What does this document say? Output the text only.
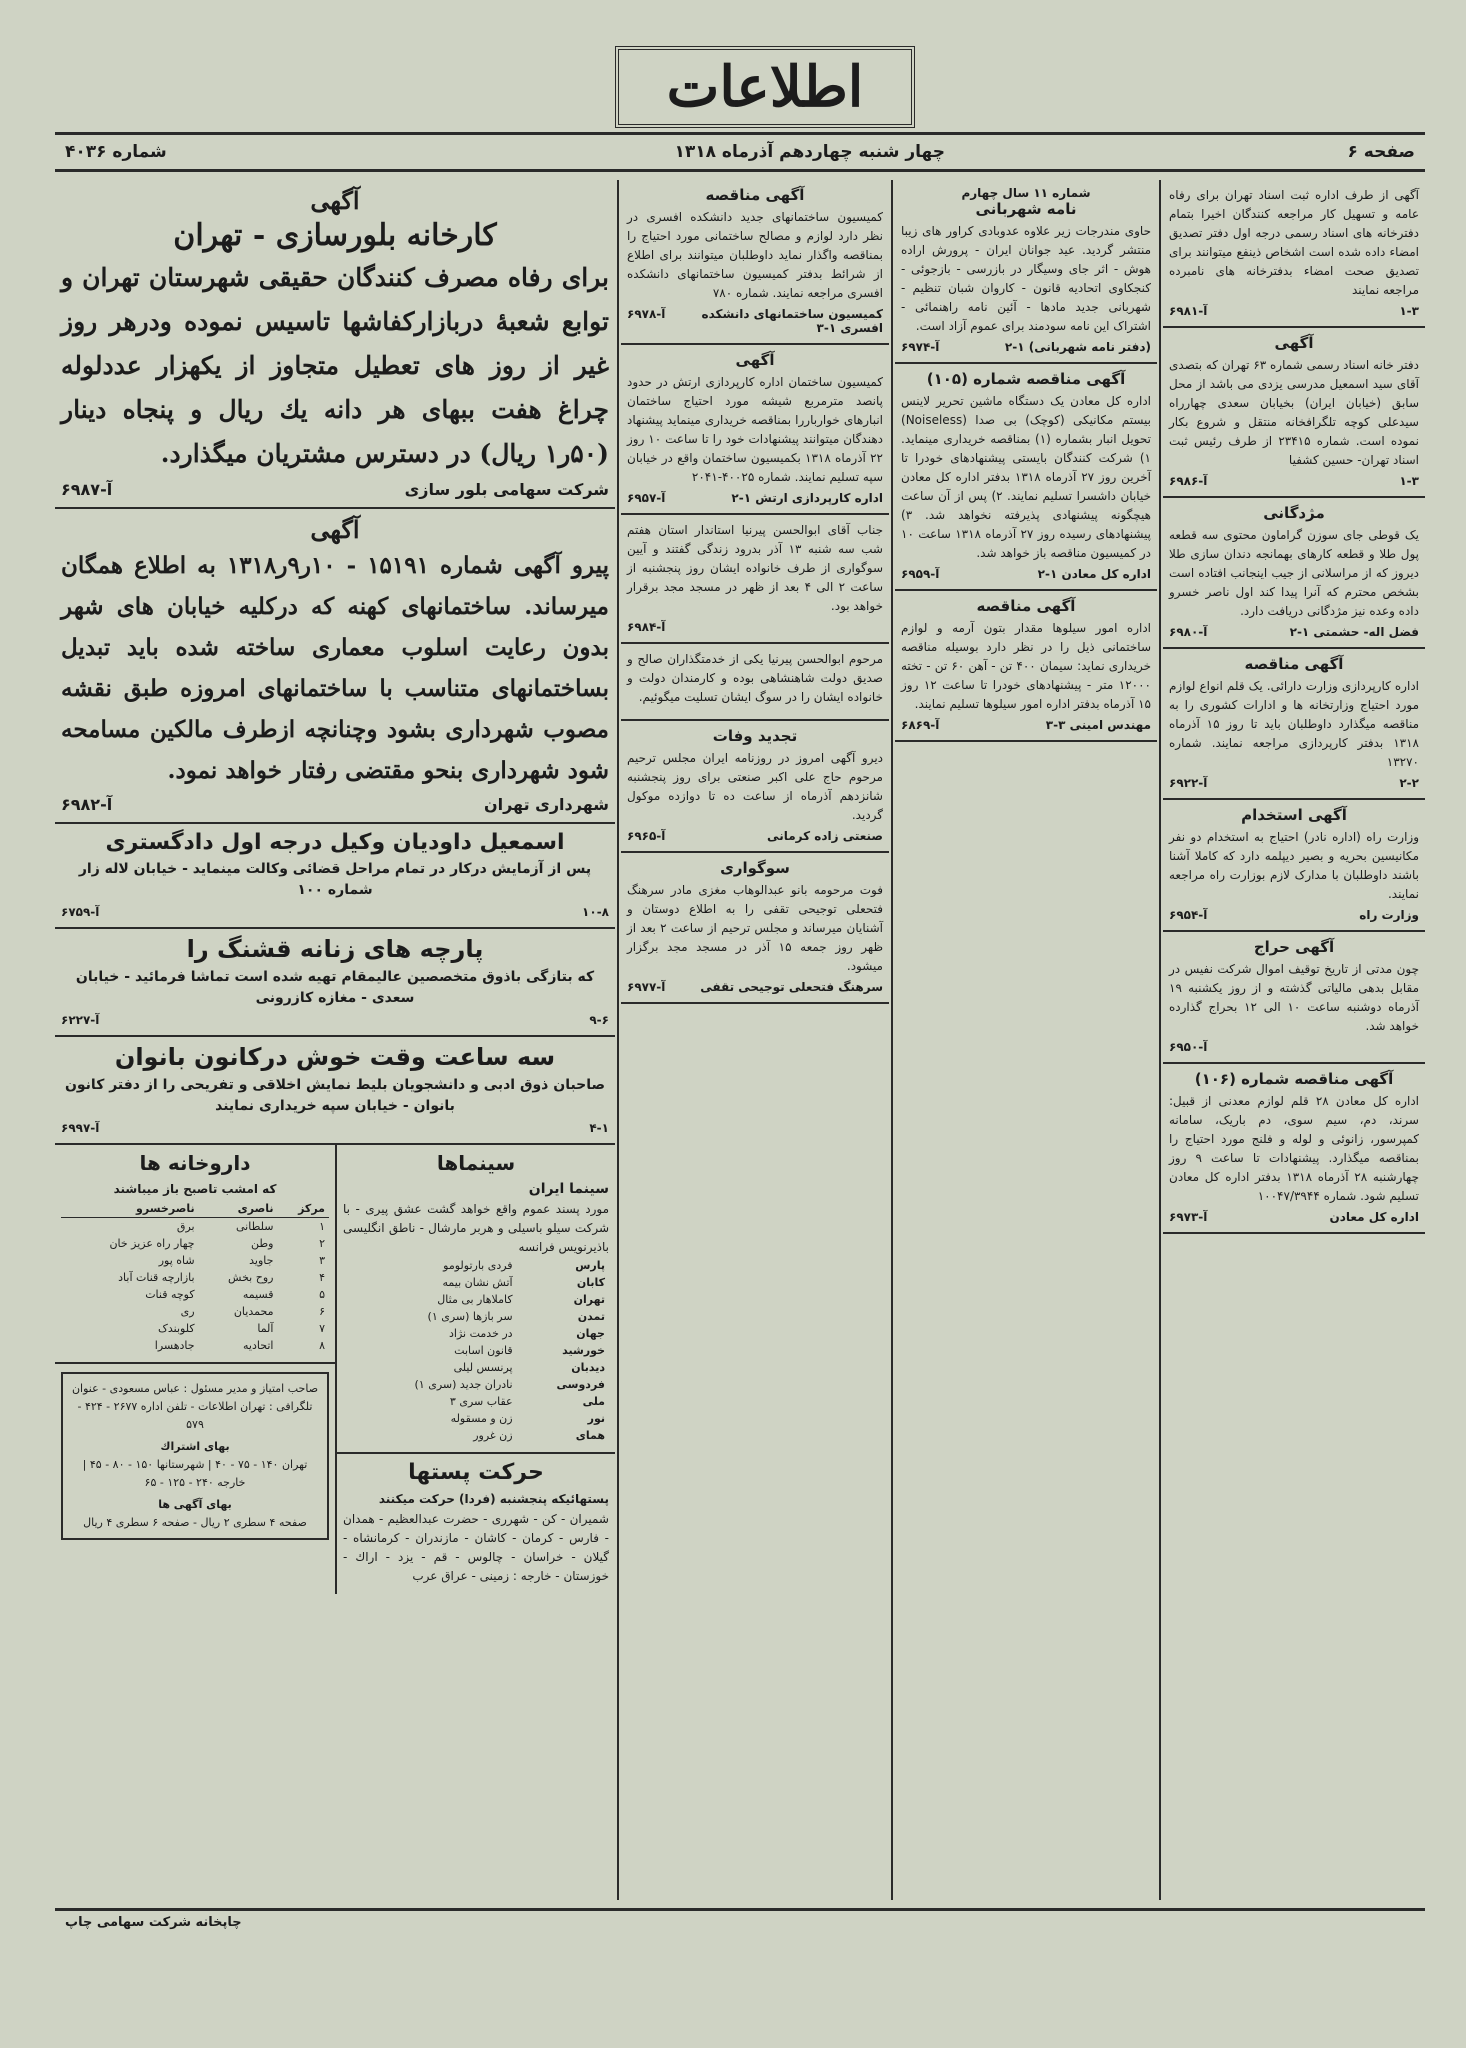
اطلاعات
صفحه ۶
چهار شنبه چهاردهم آذرماه ۱۳۱۸
شماره ۴۰۳۶

آگهی از طرف اداره ثبت اسناد تهران برای رفاه عامه و تسهیل کار مراجعه کنندگان اخیرا بتمام دفترخانه های اسناد رسمی درجه اول دفتر تصدیق امضاء داده شده است اشخاص ذینفع میتوانند برای تصدیق صحت امضاء بدفترخانه های نامبرده مراجعه نمایند

۱-۳
آ-۶۹۸۱
آگهی

دفتر خانه اسناد رسمی شماره ۶۳ تهران که بتصدی آقای سید اسمعیل مدرسی یزدی می باشد از محل سابق (خیابان ایران) بخیابان سعدی چهارراه سیدعلی کوچه تلگرافخانه منتقل و شروع بکار نموده است. شماره ۲۳۴۱۵ از طرف رئیس ثبت اسناد تهران- حسین کشفیا

۱-۳
آ-۶۹۸۶
مژدگانی

یک قوطی جای سوزن گراماون محتوی سه قطعه پول طلا و قطعه کارهای بهمانجه دندان سازی طلا دیروز که از مراسلانی از جیب اینجانب افتاده است بشخص محترم که آنرا پیدا کند اول ناصر خسرو داده وعده نیز مژدگانی دریافت دارد.

فضل اله- حشمتی ۱-۲
آ-۶۹۸۰
آگهی مناقصه

اداره کارپردازی وزارت دارائی. یک قلم انواع لوازم مورد احتیاج وزارتخانه ها و ادارات کشوری را به مناقصه میگذارد داوطلبان باید تا روز ۱۵ آذرماه ۱۳۱۸ بدفتر کارپردازی مراجعه نمایند. شماره ۱۳۲۷۰

۲-۲
آ-۶۹۲۲
آگهی استخدام

وزارت راه (اداره نادر) احتیاج به استخدام دو نفر مکانیسین بحریه و بصیر دیپلمه دارد که کاملا آشنا باشند داوطلبان با مدارک لازم بوزارت راه مراجعه نمایند.

وزارت راه
آ-۶۹۵۴
آگهی حراج

چون مدتی از تاریخ توقیف اموال شرکت نفیس در مقابل بدهی مالیاتی گذشته و از روز یکشنبه ۱۹ آذرماه دوشنبه ساعت ۱۰ الی ۱۲ بحراج گذارده خواهد شد.

آ-۶۹۵۰
آگهی مناقصه شماره (۱۰۶)

اداره کل معادن ۲۸ قلم لوازم معدنی از قبیل: سرند، دم، سیم سوی، دم باریک، سامانه کمپرسور، زانوئی و لوله و فلنج مورد احتیاج را بمناقصه میگذارد. پیشنهادات تا ساعت ۹ روز چهارشنبه ۲۸ آذرماه ۱۳۱۸ بدفتر اداره کل معادن تسلیم شود. شماره ۱۰۰۴۷/۳۹۴۴

اداره کل معادن
آ-۶۹۷۳
شماره ۱۱ سال چهارم
نامه شهربانی

حاوی مندرجات زیر علاوه عدوبادی کراور های زیبا منتشر گردید. عید جوانان ایران - پرورش اراده هوش - اثر جای وسیگار در بازرسی - بازجوئی - کنجکاوی اتحادیه قانون - کاروان شبان تنظیم - شهربانی جدید مادها - آئین نامه راهنمائی - اشتراک این نامه سودمند برای عموم آزاد است.

(دفتر نامه شهربانی) ۱-۲
آ-۶۹۷۴
آگهی مناقصه شماره (۱۰۵)

اداره کل معادن یک دستگاه ماشین تحریر لاینس بیستم مکانیکی (کوچک) بی صدا (Noiseless) تحویل انبار بشماره (۱) بمناقصه خریداری مینماید. ۱) شرکت کنندگان بایستی پیشنهادهای خودرا تا آخرین روز ۲۷ آذرماه ۱۳۱۸ بدفتر اداره کل معادن خیابان داشسرا تسلیم نمایند. ۲) پس از آن ساعت هیچگونه پیشنهادی پذیرفته نخواهد شد. ۳) پیشنهادهای رسیده روز ۲۷ آذرماه ۱۳۱۸ ساعت ۱۰ در کمیسیون مناقصه باز خواهد شد.

اداره کل معادن ۱-۲
آ-۶۹۵۹
آگهی مناقصه

اداره امور سیلوها مقدار بتون آرمه و لوازم ساختمانی ذیل را در نظر دارد بوسیله مناقصه خریداری نماید: سیمان ۴۰۰ تن - آهن ۶۰ تن - تخته ۱۲۰۰۰ متر - پیشنهادهای خودرا تا ساعت ۱۲ روز ۱۵ آذرماه بدفتر اداره امور سیلوها تسلیم نمایند.

مهندس امینی ۳-۳
آ-۶۸۶۹
آگهی مناقصه

کمیسیون ساختمانهای جدید دانشکده افسری در نظر دارد لوازم و مصالح ساختمانی مورد احتیاج را بمناقصه واگذار نماید داوطلبان میتوانند برای اطلاع از شرائط بدفتر کمیسیون ساختمانهای دانشکده افسری مراجعه نمایند. شماره ۷۸۰

کمیسیون ساختمانهای دانشکده افسری ۱-۳
آ-۶۹۷۸
آگهی

کمیسیون ساختمان اداره کارپردازی ارتش در حدود پانصد مترمربع شیشه مورد احتیاج ساختمان انبارهای خوارباررا بمناقصه خریداری مینماید پیشنهاد دهندگان میتوانند پیشنهادات خود را تا ساعت ۱۰ روز ۲۲ آذرماه ۱۳۱۸ بکمیسیون ساختمان واقع در خیابان سپه تسلیم نمایند. شماره ۴۰۰۲۵-۲۰۴۱

اداره کارپردازی ارتش ۱-۲
آ-۶۹۵۷

جناب آقای ابوالحسن پیرنیا استاندار استان هفتم شب سه شنبه ۱۳ آذر بدرود زندگی گفتند و آیین سوگواری از طرف خانواده ایشان روز پنجشنبه از ساعت ۲ الی ۴ بعد از ظهر در مسجد مجد برقرار خواهد بود.

آ-۶۹۸۴

مرحوم ابوالحسن پیرنیا یکی از خدمتگذاران صالح و صدیق دولت شاهنشاهی بوده و کارمندان دولت و خانواده ایشان را در سوگ ایشان تسلیت میگوئیم.

تجدید وفات

دیرو آگهی امروز در روزنامه ایران مجلس ترحیم مرحوم حاج علی اکبر صنعتی برای روز پنجشنبه شانزدهم آذرماه از ساعت ده تا دوازده موکول گردید.

صنعتی زاده کرمانی
آ-۶۹۶۵
سوگواری

فوت مرحومه بانو عبدالوهاب مغزی مادر سرهنگ فتحعلی توجیحی تقفی را به اطلاع دوستان و آشنایان میرساند و مجلس ترحیم از ساعت ۲ بعد از ظهر روز جمعه ۱۵ آذر در مسجد مجد برگزار میشود.

سرهنگ فتحعلی توجیحی تقفی
آ-۶۹۷۷
آگهی
کارخانه بلورسازی - تهران

برای رفاه مصرف کنندگان حقیقی شهرستان تهران و توابع شعبهٔ دربازارکفاشها تاسیس نموده ودرهر روز غیر از روز های تعطیل متجاوز از یکهزار عددلوله چراغ هفت ببهای هر دانه یك ریال و پنجاه دینار (۵۰ر۱ ریال) در دسترس مشتریان میگذارد.

شرکت سهامی بلور سازی
آ-۶۹۸۷
آگهی

پیرو آگهی شماره ۱۵۱۹۱ - ۱۰ر۹ر۱۳۱۸ به اطلاع همگان میرساند. ساختمانهای کهنه که درکلیه خیابان های شهر بدون رعایت اسلوب معماری ساخته شده باید تبدیل بساختمانهای متناسب با ساختمانهای امروزه طبق نقشه مصوب شهرداری بشود وچنانچه ازطرف مالکین مسامحه شود شهرداری بنحو مقتضی رفتار خواهد نمود.

شهرداری تهران
آ-۶۹۸۲
اسمعیل داودیان وکیل درجه اول دادگستری

پس از آزمایش درکار در تمام مراحل قضائی وکالت مینماید - خیابان لاله زار شماره ۱۰۰

۱۰-۸
آ-۶۷۵۹
پارچه های زنانه قشنگ را

که بتازگی باذوق متخصصین عالیمقام تهیه شده است تماشا فرمائید - خیابان سعدی - مغازه کازرونی

۹-۶
آ-۶۲۲۷
سه ساعت وقت خوش درکانون بانوان

صاحبان ذوق ادبی و دانشجویان بلیط نمایش اخلاقی و تفریحی را از دفتر کانون بانوان - خیابان سپه خریداری نمایند

۴-۱
آ-۶۹۹۷
سینماها

سینما ایران

مورد پسند عموم واقع خواهد گشت عشق پیری - با شرکت سیلو باسیلی و هربر مارشال - ناطق انگلیسی باذیرنویس فرانسه

پارس	فردی بارتولومو
کابان	آتش نشان بیمه
تهران	کاملاهار بی مثال
تمدن	سر بازها (سری ۱)
جهان	در خدمت نژاد
خورشید	قانون اسابت
دیدبان	پرنسس لیلی
فردوسی	نادران جدید (سری ۱)
ملی	عقاب سری ۳
نور	زن و مسقوله
همای	زن غرور
حرکت پستها

پستهائیکه پنجشنبه (فردا) حرکت میکنند

شمیران - کن - شهرری - حضرت عبدالعظیم - همدان - فارس - کرمان - کاشان - مازندران - کرمانشاه - گیلان - خراسان - چالوس - قم - یزد - اراك - خوزستان - خارجه : زمینی - عراق عرب

داروخانه ها

که امشب تاصبح باز میباشند

مرکز	ناصری	ناصرخسرو
۱	سلطانی	برق
۲	وطن	چهار راه عزیز خان
۳	جاوید	شاه پور
۴	روح بخش	بازارچه قنات آباد
۵	قسیمه	کوچه قنات
۶	محمدیان	ری
۷	آلما	کلوبندک
۸	اتحادیه	جادهسرا
صاحب امتیاز و مدیر مسئول : عباس مسعودی - عنوان تلگرافی : تهران اطلاعات - تلفن اداره ۲۶۷۷ - ۴۲۴ - ۵۷۹
بهای اشتراك
تهران ۱۴۰ - ۷۵ - ۴۰ | شهرستانها ۱۵۰ - ۸۰ - ۴۵ | خارجه ۲۴۰ - ۱۲۵ - ۶۵
بهای آگهی ها
صفحه ۴ سطری ۲ ریال - صفحه ۶ سطری ۴ ریال
چاپخانه شرکت سهامی چاپ
